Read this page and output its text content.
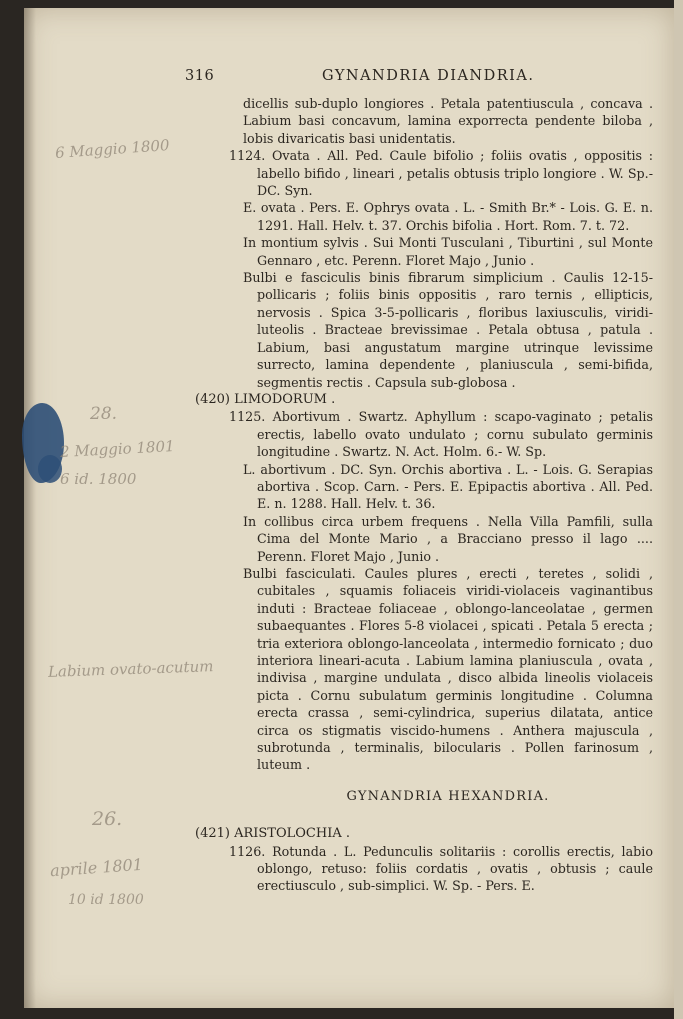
316	GYNANDRIA DIANDRIA.

dicellis sub-duplo longiores . Petala patentiuscula , concava . Labium basi concavum, lamina exporrecta pendente biloba , lobis divaricatis basi unidentatis.

1124. Ovata . All. Ped. Caule bifolio ; foliis ovatis , oppositis : labello bifido , lineari , petalis obtusis triplo longiore . W. Sp.-DC. Syn.

E. ovata . Pers. E. Ophrys ovata . L. - Smith Br.* - Lois. G. E. n. 1291. Hall. Helv. t. 37. Orchis bifolia . Hort. Rom. 7. t. 72.

In montium sylvis . Sui Monti Tusculani , Tiburtini , sul Monte Gennaro , etc. Perenn. Floret Majo , Junio .

Bulbi e fasciculis binis fibrarum simplicium . Caulis 12-15-pollicaris ; foliis binis oppositis , raro ternis , ellipticis, nervosis . Spica 3-5-pollicaris , floribus laxiusculis, viridi-luteolis . Bracteae brevissimae . Petala obtusa , patula . Labium, basi angustatum margine utrinque levissime surrecto, lamina dependente , planiuscula , semi-bifida, segmentis rectis . Capsula sub-globosa .

(420) LIMODORUM .

1125. Abortivum . Swartz. Aphyllum : scapo-vaginato ; petalis erectis, labello ovato undulato ; cornu subulato germinis longitudine . Swartz. N. Act. Holm. 6.- W. Sp.

L. abortivum . DC. Syn. Orchis abortiva . L. - Lois. G. Serapias abortiva . Scop. Carn. - Pers. E. Epipactis abortiva . All. Ped. E. n. 1288. Hall. Helv. t. 36.

In collibus circa urbem frequens . Nella Villa Pamfili, sulla Cima del Monte Mario , a Bracciano presso il lago .... Perenn. Floret Majo , Junio .

Bulbi fasciculati. Caules plures , erecti , teretes , solidi , cubitales , squamis foliaceis viridi-violaceis vaginantibus induti : Bracteae foliaceae , oblongo-lanceolatae , germen subaequantes . Flores 5-8 violacei , spicati . Petala 5 erecta ; tria exteriora oblongo-lanceolata , intermedio fornicato ; duo interiora lineari-acuta . Labium lamina planiuscula , ovata , indivisa , margine undulata , disco albida lineolis violaceis picta . Cornu subulatum germinis longitudine . Columna erecta crassa , semi-cylindrica, superius dilatata, antice circa os stigmatis viscido-humens . Anthera majuscula , subrotunda , terminalis, bilocularis . Pollen farinosum , luteum .

GYNANDRIA HEXANDRIA.

(421) ARISTOLOCHIA .

1126. Rotunda . L. Pedunculis solitariis : corollis erectis, labio oblongo, retuso: foliis cordatis , ovatis , obtusis ; caule erectiusculo , sub-simplici. W. Sp. - Pers. E.

6 Maggio 1800
28.
2 Maggio 1801
6 id. 1800
Labium ovato-acutum
26.
aprile 1801
10 id 1800
